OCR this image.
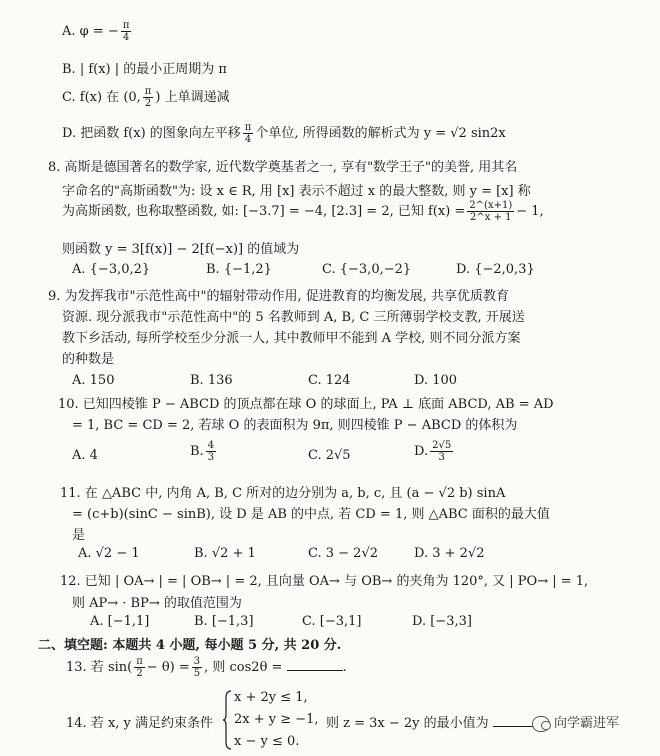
A. φ = − $\frac{\pi}{4}$
B. | f(x) | 的最小正周期为 π
C. f(x) 在 (0, $\frac{\pi}{2}$ ) 上单调递减
D. 把函数 f(x) 的图象向左平移 $\frac{\pi}{4}$ 个单位, 所得函数的解析式为 y = √2 sin2x
8. 高斯是德国著名的数学家, 近代数学奠基者之一, 享有"数学王子"的美誉, 用其名
字命名的"高斯函数"为: 设 x ∈ R, 用 [x] 表示不超过 x 的最大整数, 则 y = [x] 称
为高斯函数, 也称取整函数, 如: [−3.7] = −4, [2.3] = 2, 已知 $f(x) = \frac{2\^{}(x+1)}{2\^{}x + 1} - 1$,
则函数 y = 3[f(x)] − 2[f(−x)] 的值域为
A. {−3,0,2}	B. {−1,2}	C. {−3,0,−2}	D. {−2,0,3}
9. 为发挥我市"示范性高中"的辐射带动作用, 促进教育的均衡发展, 共享优质教育
资源. 现分派我市"示范性高中"的 5 名教师到 A, B, C 三所薄弱学校支教, 开展送
教下乡活动, 每所学校至少分派一人, 其中教师甲不能到 A 学校, 则不同分派方案
的种数是
A. 150	B. 136	C. 124	D. 100
10. 已知四棱锥 P − ABCD 的顶点都在球 O 的球面上, PA ⊥ 底面 ABCD, AB = AD
= 1, BC = CD = 2, 若球 O 的表面积为 9π, 则四棱锥 P − ABCD 的体积为
A. 4	B. $\frac{4}{3}$	C. 2√5	D. $\frac{2√5}{3}$
11. 在 △ABC 中, 内角 A, B, C 所对的边分别为 a, b, c, 且 (a − √2 b) sinA
= (c+b)(sinC − sinB), 设 D 是 AB 的中点, 若 CD = 1, 则 △ABC 面积的最大值
是
A. √2 − 1	B. √2 + 1	C. 3 − 2√2	D. 3 + 2√2
12. 已知 | OA→ | = | OB→ | = 2, 且向量 OA→ 与 OB→ 的夹角为 120°, 又 | PO→ | = 1,
则 AP→ · BP→ 的取值范围为
A. [−1,1]	B. [−1,3]	C. [−3,1]	D. [−3,3]
二、填空题: 本题共 4 小题, 每小题 5 分, 共 20 分.
13. 若 $\sin( \frac{\pi}{2} - \theta) = \frac{3}{5}$ , 则 cos2θ =	.
14. 若 x, y 满足约束条件
x + 2y ≤ 1,
2x + y ≥ −1,
x − y ≤ 0.
则 z = 3x − 2y 的最小值为	向学霸进军
